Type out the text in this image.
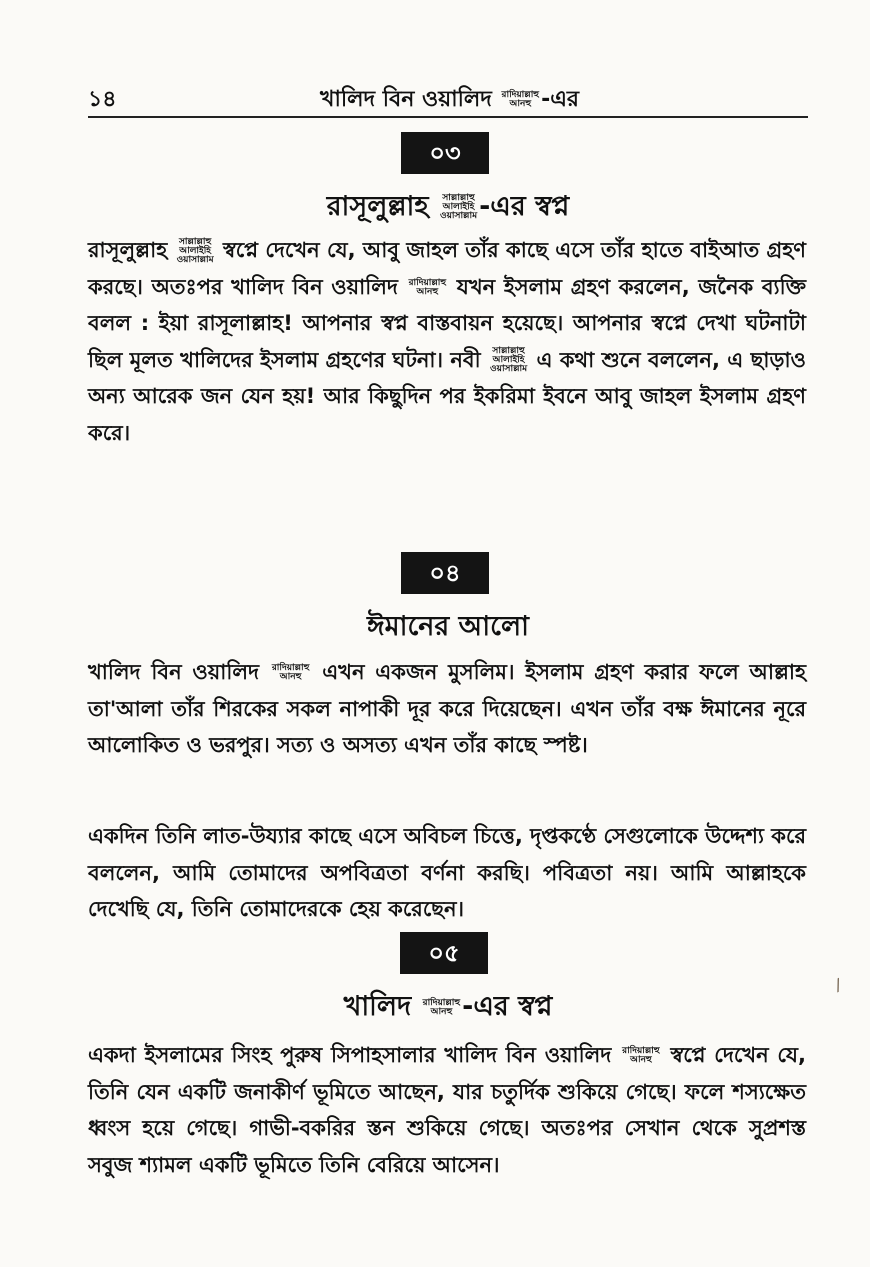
১৪	খালিদ বিন ওয়ালিদ রাদিয়াল্লাহু
আনহু -এর
০৩
রাসূলুল্লাহ সাল্লাল্লাহু
আলাইহি
ওয়াসাল্লাম -এর স্বপ্ন
রাসূলুল্লাহ সাল্লাল্লাহু
আলাইহি
ওয়াসাল্লাম স্বপ্নে দেখেন যে, আবু জাহল তাঁর কাছে এসে তাঁর হাতে বাইআত গ্রহণ করছে। অতঃপর খালিদ বিন ওয়ালিদ রাদিয়াল্লাহু
আনহু যখন ইসলাম গ্রহণ করলেন, জনৈক ব্যক্তি বলল : ইয়া রাসূলাল্লাহ! আপনার স্বপ্ন বাস্তবায়ন হয়েছে। আপনার স্বপ্নে দেখা ঘটনাটা ছিল মূলত খালিদের ইসলাম গ্রহণের ঘটনা। নবী সাল্লাল্লাহু
আলাইহি
ওয়াসাল্লাম এ কথা শুনে বললেন, এ ছাড়াও অন্য আরেক জন যেন হয়! আর কিছুদিন পর ইকরিমা ইবনে আবু জাহল ইসলাম গ্রহণ করে।
০৪
ঈমানের আলো
খালিদ বিন ওয়ালিদ রাদিয়াল্লাহু
আনহু এখন একজন মুসলিম। ইসলাম গ্রহণ করার ফলে আল্লাহ তা'আলা তাঁর শিরকের সকল নাপাকী দূর করে দিয়েছেন। এখন তাঁর বক্ষ ঈমানের নূরে আলোকিত ও ভরপুর। সত্য ও অসত্য এখন তাঁর কাছে স্পষ্ট।
একদিন তিনি লাত-উয্যার কাছে এসে অবিচল চিত্তে, দৃপ্তকণ্ঠে সেগুলোকে উদ্দেশ্য করে বললেন, আমি তোমাদের অপবিত্রতা বর্ণনা করছি। পবিত্রতা নয়। আমি আল্লাহকে দেখেছি যে, তিনি তোমাদেরকে হেয় করেছেন।
০৫
খালিদ রাদিয়াল্লাহু
আনহু -এর স্বপ্ন
একদা ইসলামের সিংহ পুরুষ সিপাহসালার খালিদ বিন ওয়ালিদ রাদিয়াল্লাহু
আনহু স্বপ্নে দেখেন যে, তিনি যেন একটি জনাকীর্ণ ভূমিতে আছেন, যার চতুর্দিক শুকিয়ে গেছে। ফলে শস্যক্ষেত ধ্বংস হয়ে গেছে। গাভী-বকরির স্তন শুকিয়ে গেছে। অতঃপর সেখান থেকে সুপ্রশস্ত সবুজ শ্যামল একটি ভূমিতে তিনি বেরিয়ে আসেন।
⁄
